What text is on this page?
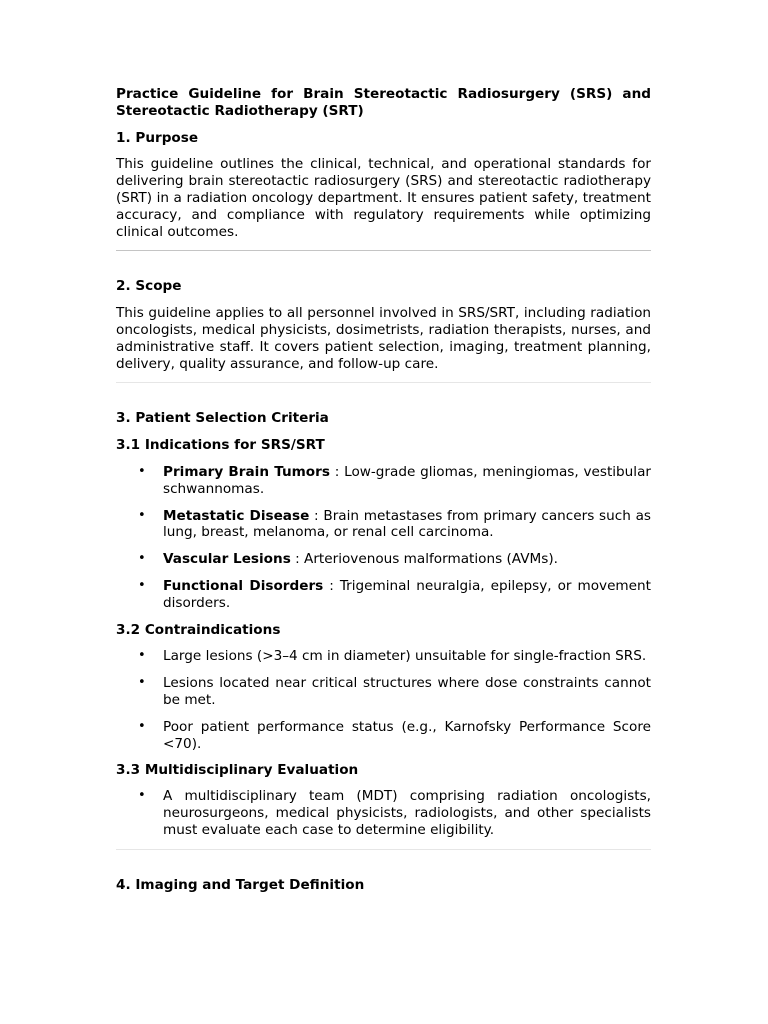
Practice Guideline for Brain Stereotactic Radiosurgery (SRS) and Stereotactic Radiotherapy (SRT)
1. Purpose

This guideline outlines the clinical, technical, and operational standards for delivering brain stereotactic radiosurgery (SRS) and stereotactic radiotherapy (SRT) in a radiation oncology department. It ensures patient safety, treatment accuracy, and compliance with regulatory requirements while optimizing clinical outcomes.

2. Scope

This guideline applies to all personnel involved in SRS/SRT, including radiation oncologists, medical physicists, dosimetrists, radiation therapists, nurses, and administrative staff. It covers patient selection, imaging, treatment planning, delivery, quality assurance, and follow-up care.

3. Patient Selection Criteria
3.1 Indications for SRS/SRT
• Primary Brain Tumors : Low-grade gliomas, meningiomas, vestibular schwannomas.
• Metastatic Disease : Brain metastases from primary cancers such as lung, breast, melanoma, or renal cell carcinoma.
• Vascular Lesions : Arteriovenous malformations (AVMs).
• Functional Disorders : Trigeminal neuralgia, epilepsy, or movement disorders.
3.2 Contraindications
• Large lesions (>3–4 cm in diameter) unsuitable for single-fraction SRS.
• Lesions located near critical structures where dose constraints cannot be met.
• Poor patient performance status (e.g., Karnofsky Performance Score <70).
3.3 Multidisciplinary Evaluation
• A multidisciplinary team (MDT) comprising radiation oncologists, neurosurgeons, medical physicists, radiologists, and other specialists must evaluate each case to determine eligibility.
4. Imaging and Target Definition
